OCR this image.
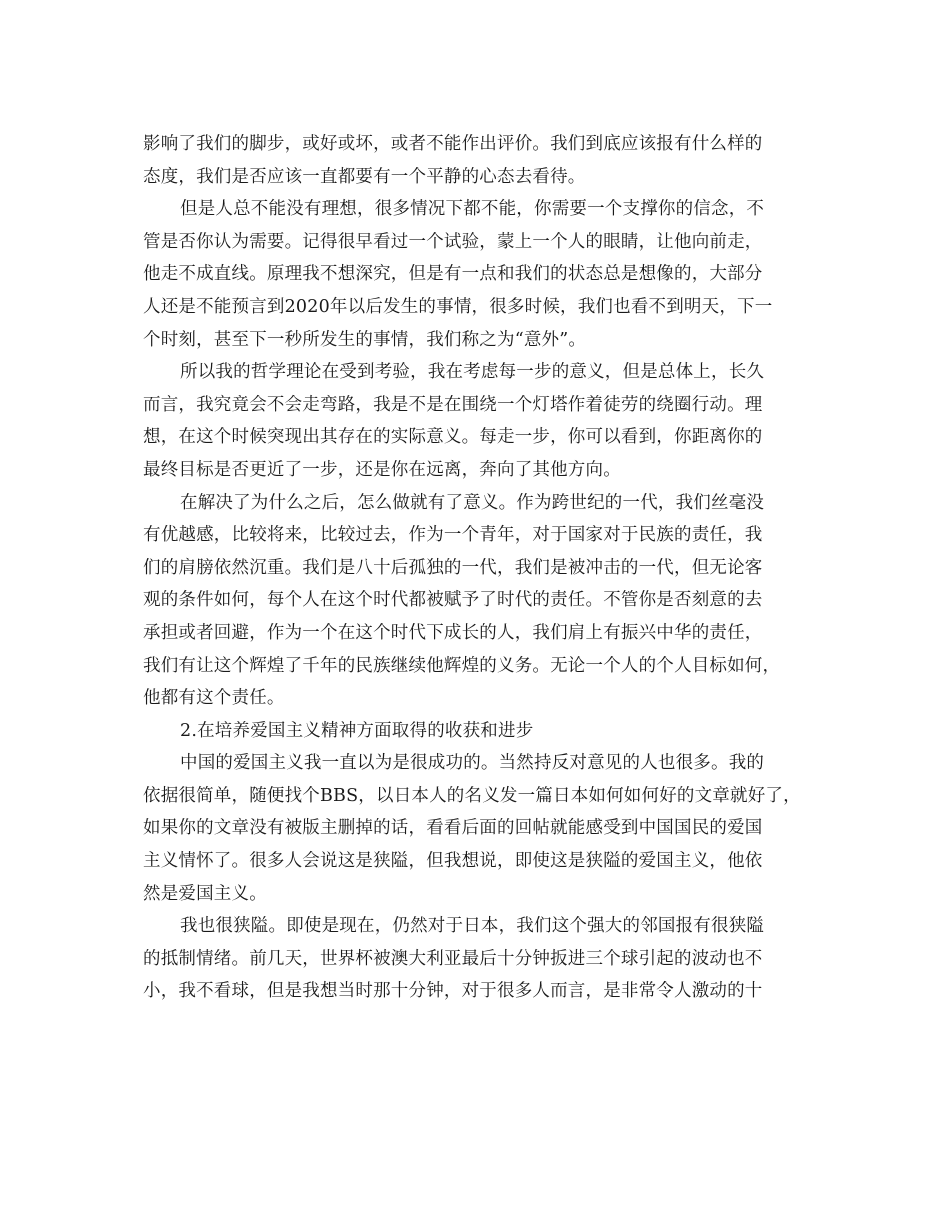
影响了我们的脚步，或好或坏，或者不能作出评价。我们到底应该报有什么样的
态度，我们是否应该一直都要有一个平静的心态去看待。
但是人总不能没有理想，很多情况下都不能，你需要一个支撑你的信念，不
管是否你认为需要。记得很早看过一个试验，蒙上一个人的眼睛，让他向前走，
他走不成直线。原理我不想深究，但是有一点和我们的状态总是想像的，大部分
人还是不能预言到2020年以后发生的事情，很多时候，我们也看不到明天，下一
个时刻，甚至下一秒所发生的事情，我们称之为“意外”。
所以我的哲学理论在受到考验，我在考虑每一步的意义，但是总体上，长久
而言，我究竟会不会走弯路，我是不是在围绕一个灯塔作着徒劳的绕圈行动。理
想，在这个时候突现出其存在的实际意义。每走一步，你可以看到，你距离你的
最终目标是否更近了一步，还是你在远离，奔向了其他方向。
在解决了为什么之后，怎么做就有了意义。作为跨世纪的一代，我们丝毫没
有优越感，比较将来，比较过去，作为一个青年，对于国家对于民族的责任，我
们的肩膀依然沉重。我们是八十后孤独的一代，我们是被冲击的一代，但无论客
观的条件如何，每个人在这个时代都被赋予了时代的责任。不管你是否刻意的去
承担或者回避，作为一个在这个时代下成长的人，我们肩上有振兴中华的责任，
我们有让这个辉煌了千年的民族继续他辉煌的义务。无论一个人的个人目标如何，
他都有这个责任。
2.在培养爱国主义精神方面取得的收获和进步
中国的爱国主义我一直以为是很成功的。当然持反对意见的人也很多。我的
依据很简单，随便找个BBS，以日本人的名义发一篇日本如何如何好的文章就好了，
如果你的文章没有被版主删掉的话，看看后面的回帖就能感受到中国国民的爱国
主义情怀了。很多人会说这是狭隘，但我想说，即使这是狭隘的爱国主义，他依
然是爱国主义。
我也很狭隘。即使是现在，仍然对于日本，我们这个强大的邻国报有很狭隘
的抵制情绪。前几天，世界杯被澳大利亚最后十分钟扳进三个球引起的波动也不
小，我不看球，但是我想当时那十分钟，对于很多人而言，是非常令人激动的十
